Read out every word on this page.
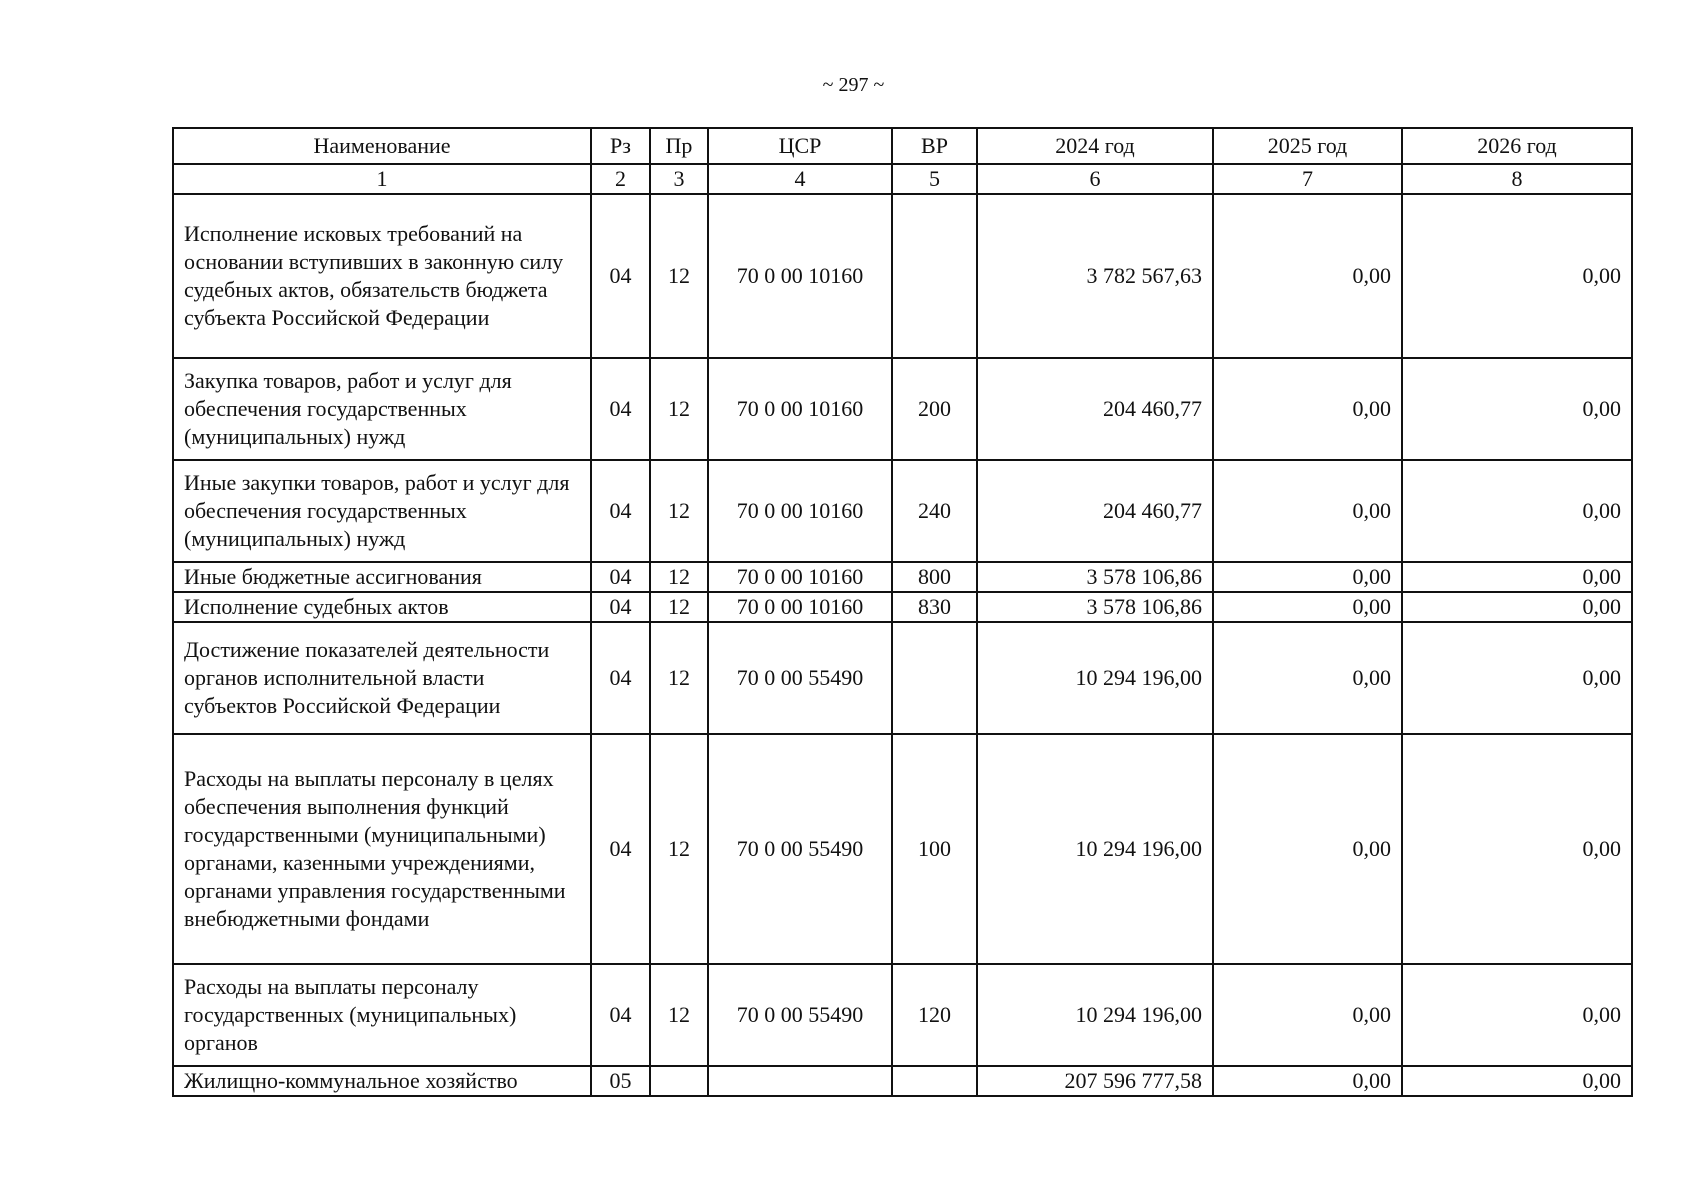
~ 297 ~
Наименование	Рз	Пр	ЦСР	ВР	2024 год	2025 год	2026 год
1	2	3	4	5	6	7	8
Исполнение исковых требований на основании вступивших в законную силу судебных актов, обязательств бюджета субъекта Российской Федерации	04	12	70 0 00 10160		3 782 567,63	0,00	0,00
Закупка товаров, работ и услуг для обеспечения государственных (муниципальных) нужд	04	12	70 0 00 10160	200	204 460,77	0,00	0,00
Иные закупки товаров, работ и услуг для обеспечения государственных (муниципальных) нужд	04	12	70 0 00 10160	240	204 460,77	0,00	0,00
Иные бюджетные ассигнования	04	12	70 0 00 10160	800	3 578 106,86	0,00	0,00
Исполнение судебных актов	04	12	70 0 00 10160	830	3 578 106,86	0,00	0,00
Достижение показателей деятельности органов исполнительной власти субъектов Российской Федерации	04	12	70 0 00 55490		10 294 196,00	0,00	0,00
Расходы на выплаты персоналу в целях обеспечения выполнения функций государственными (муниципальными) органами, казенными учреждениями, органами управления государственными внебюджетными фондами	04	12	70 0 00 55490	100	10 294 196,00	0,00	0,00
Расходы на выплаты персоналу государственных (муниципальных) органов	04	12	70 0 00 55490	120	10 294 196,00	0,00	0,00
Жилищно-коммунальное хозяйство	05				207 596 777,58	0,00	0,00
